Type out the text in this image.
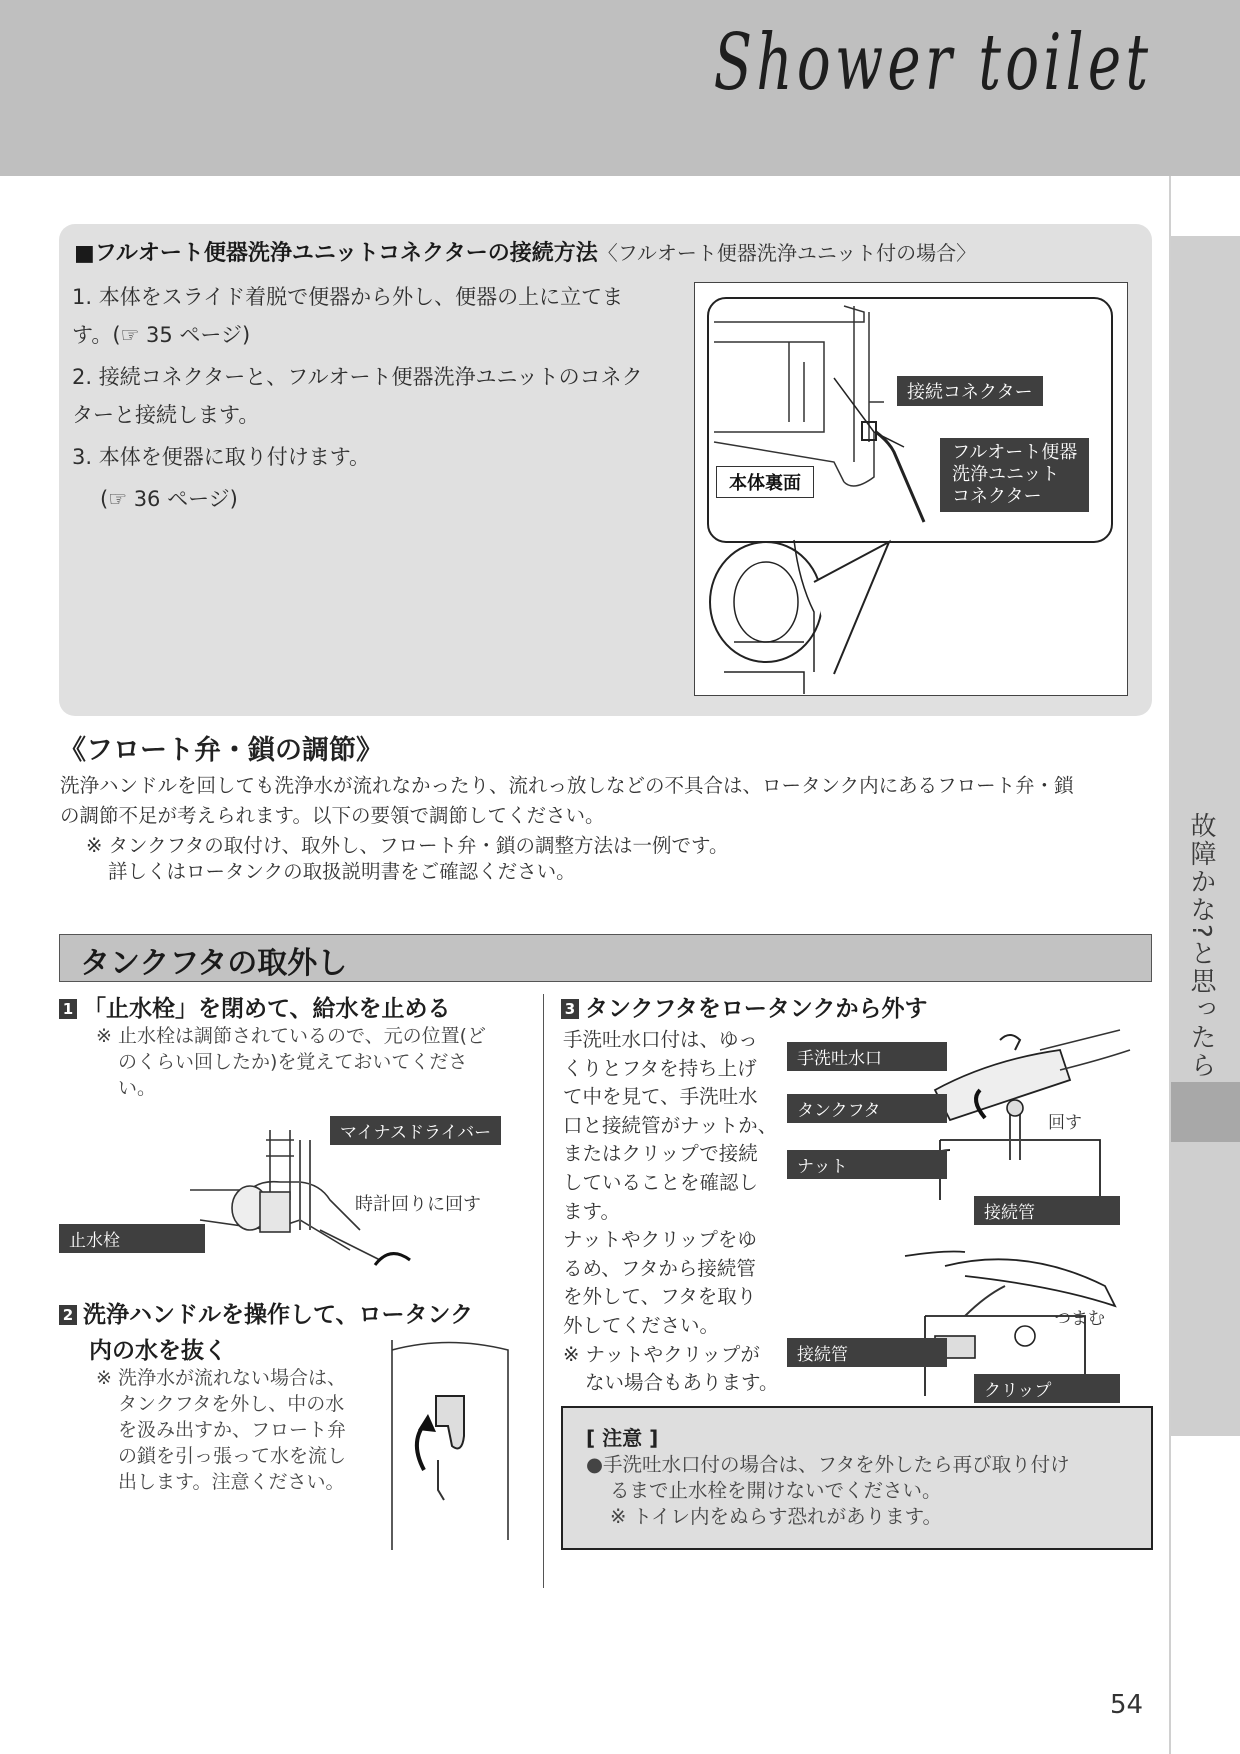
Shower toilet
故障かな?と思ったら
■フルオート便器洗浄ユニットコネクターの接続方法〈フルオート便器洗浄ユニット付の場合〉
1. 本体をスライド着脱で便器から外し、便器の上に立てます。(☞ 35 ページ)
2. 接続コネクターと、フルオート便器洗浄ユニットのコネクターと接続します。
3. 本体を便器に取り付けます。
(☞ 36 ページ)
接続コネクター
フルオート便器
洗浄ユニット
コネクター
本体裏面
《フロート弁・鎖の調節》
洗浄ハンドルを回しても洗浄水が流れなかったり、流れっ放しなどの不具合は、ロータンク内にあるフロート弁・鎖
の調節不足が考えられます。以下の要領で調節してください。
※ タンクフタの取付け、取外し、フロート弁・鎖の調整方法は一例です。
詳しくはロータンクの取扱説明書をご確認ください。
タンクフタの取外し
1 「止水栓」を閉めて、給水を止める
※ 止水栓は調節されているので、元の位置(ど
のくらい回したか)を覚えておいてくださ
い。
マイナスドライバー
時計回りに回す
止水栓
2 洗浄ハンドルを操作して、ロータンク
内の水を抜く
※ 洗浄水が流れない場合は、
タンクフタを外し、中の水
を汲み出すか、フロート弁
の鎖を引っ張って水を流し
出します。注意ください。
3 タンクフタをロータンクから外す
手洗吐水口付は、ゆっ
くりとフタを持ち上げ
て中を見て、手洗吐水
口と接続管がナットか、
またはクリップで接続
していることを確認し
ます。
ナットやクリップをゆ
るめ、フタから接続管
を外して、フタを取り
外してください。
※ ナットやクリップが
ない場合もあります。
手洗吐水口
タンクフタ
ナット
接続管
回す
接続管
つまむ
クリップ
[ 注意 ]
●手洗吐水口付の場合は、フタを外したら再び取り付け
るまで止水栓を開けないでください。
※ トイレ内をぬらす恐れがあります。
54
